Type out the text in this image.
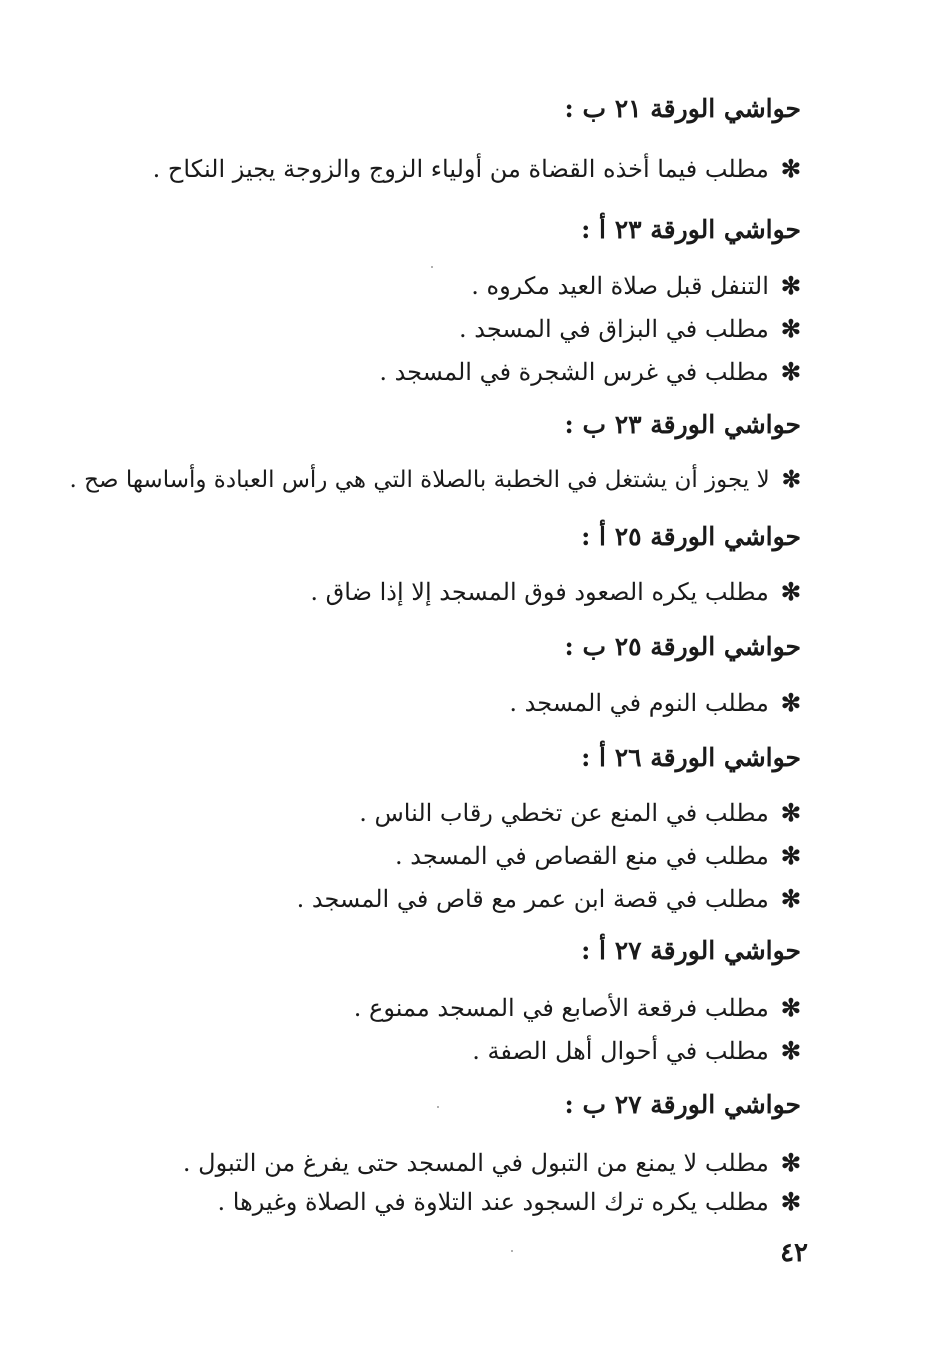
حواشي الورقة ٢١ ب :
✻مطلب فيما أخذه القضاة من أولياء الزوج والزوجة يجيز النكاح .
حواشي الورقة ٢٣ أ :
✻التنفل قبل صلاة العيد مكروه .
✻مطلب في البزاق في المسجد .
✻مطلب في غرس الشجرة في المسجد .
حواشي الورقة ٢٣ ب :
✻لا يجوز أن يشتغل في الخطبة بالصلاة التي هي رأس العبادة وأساسها صح .
حواشي الورقة ٢٥ أ :
✻مطلب يكره الصعود فوق المسجد إلا إذا ضاق .
حواشي الورقة ٢٥ ب :
✻مطلب النوم في المسجد .
حواشي الورقة ٢٦ أ :
✻مطلب في المنع عن تخطي رقاب الناس .
✻مطلب في منع القصاص في المسجد .
✻مطلب في قصة ابن عمر مع قاص في المسجد .
حواشي الورقة ٢٧ أ :
✻مطلب فرقعة الأصابع في المسجد ممنوع .
✻مطلب في أحوال أهل الصفة .
حواشي الورقة ٢٧ ب :
✻مطلب لا يمنع من التبول في المسجد حتى يفرغ من التبول .
✻مطلب يكره ترك السجود عند التلاوة في الصلاة وغيرها .
٤٢
